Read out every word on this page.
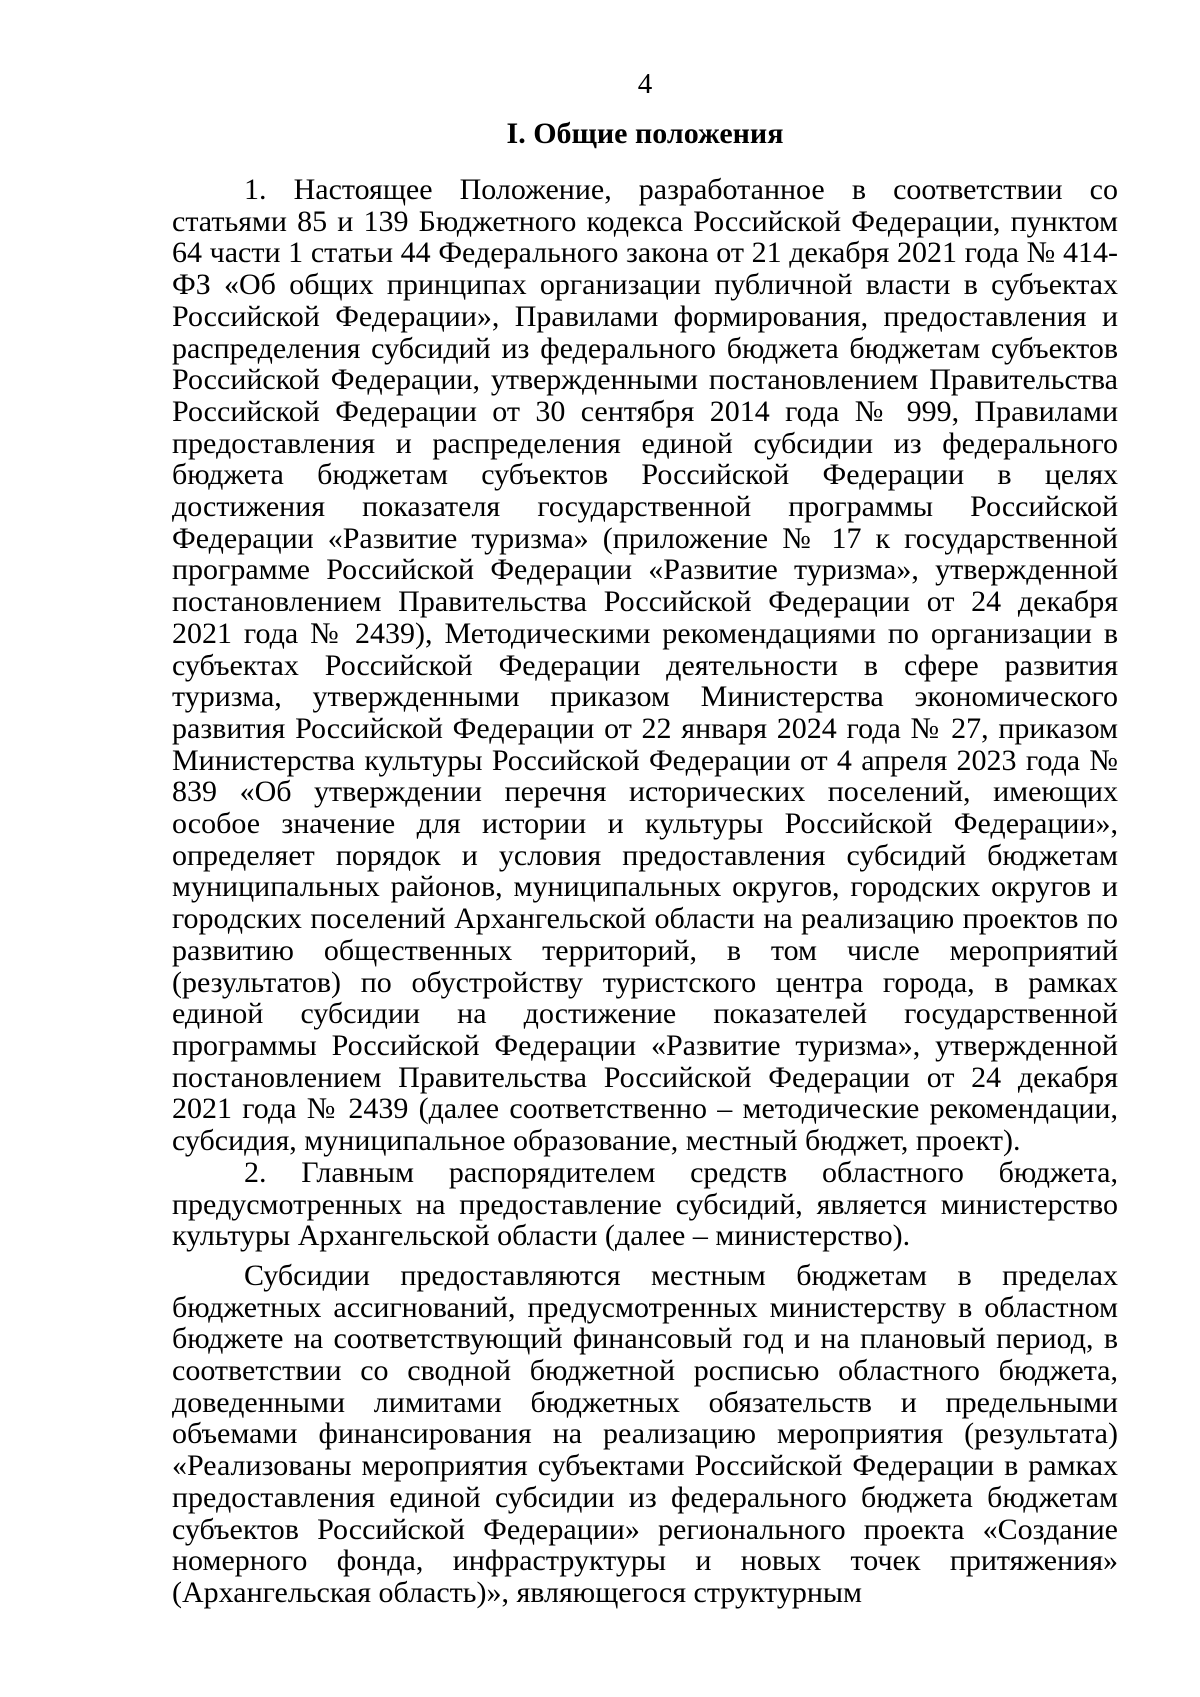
4
I. Общие положения

1. Настоящее Положение, разработанное в соответствии со статьями 85 и 139 Бюджетного кодекса Российской Федерации, пунктом 64 части 1 статьи 44 Федерального закона от 21 декабря 2021 года № 414-ФЗ «Об общих принципах организации публичной власти в субъектах Российской Федерации», Правилами формирования, предоставления и распределения субсидий из федерального бюджета бюджетам субъектов Российской Федерации, утвержденными постановлением Правительства Российской Федерации от 30 сентября 2014 года № 999, Правилами предоставления и распределения единой субсидии из федерального бюджета бюджетам субъектов Российской Федерации в целях достижения показателя государственной программы Российской Федерации «Развитие туризма» (приложение № 17 к государственной программе Российской Федерации «Развитие туризма», утвержденной постановлением Правительства Российской Федерации от 24 декабря 2021 года № 2439), Методическими рекомендациями по организации в субъектах Российской Федерации деятельности в сфере развития туризма, утвержденными приказом Министерства экономического развития Российской Федерации от 22 января 2024 года № 27, приказом Министерства культуры Российской Федерации от 4 апреля 2023 года № 839 «Об утверждении перечня исторических поселений, имеющих особое значение для истории и культуры Российской Федерации», определяет порядок и условия предоставления субсидий бюджетам муниципальных районов, муниципальных округов, городских округов и городских поселений Архангельской области на реализацию проектов по развитию общественных территорий, в том числе мероприятий (результатов) по обустройству туристского центра города, в рамках единой субсидии на достижение показателей государственной программы Российской Федерации «Развитие туризма», утвержденной постановлением Правительства Российской Федерации от 24 декабря 2021 года № 2439 (далее соответственно – методические рекомендации, субсидия, муниципальное образование, местный бюджет, проект).

2. Главным распорядителем средств областного бюджета, предусмотренных на предоставление субсидий, является министерство культуры Архангельской области (далее – министерство).

Субсидии предоставляются местным бюджетам в пределах бюджетных ассигнований, предусмотренных министерству в областном бюджете на соответствующий финансовый год и на плановый период, в соответствии со сводной бюджетной росписью областного бюджета, доведенными лимитами бюджетных обязательств и предельными объемами финансирования на реализацию мероприятия (результата) «Реализованы мероприятия субъектами Российской Федерации в рамках предоставления единой субсидии из федерального бюджета бюджетам субъектов Российской Федерации» регионального проекта «Создание номерного фонда, инфраструктуры и новых точек притяжения» (Архангельская область)», являющегося структурным
